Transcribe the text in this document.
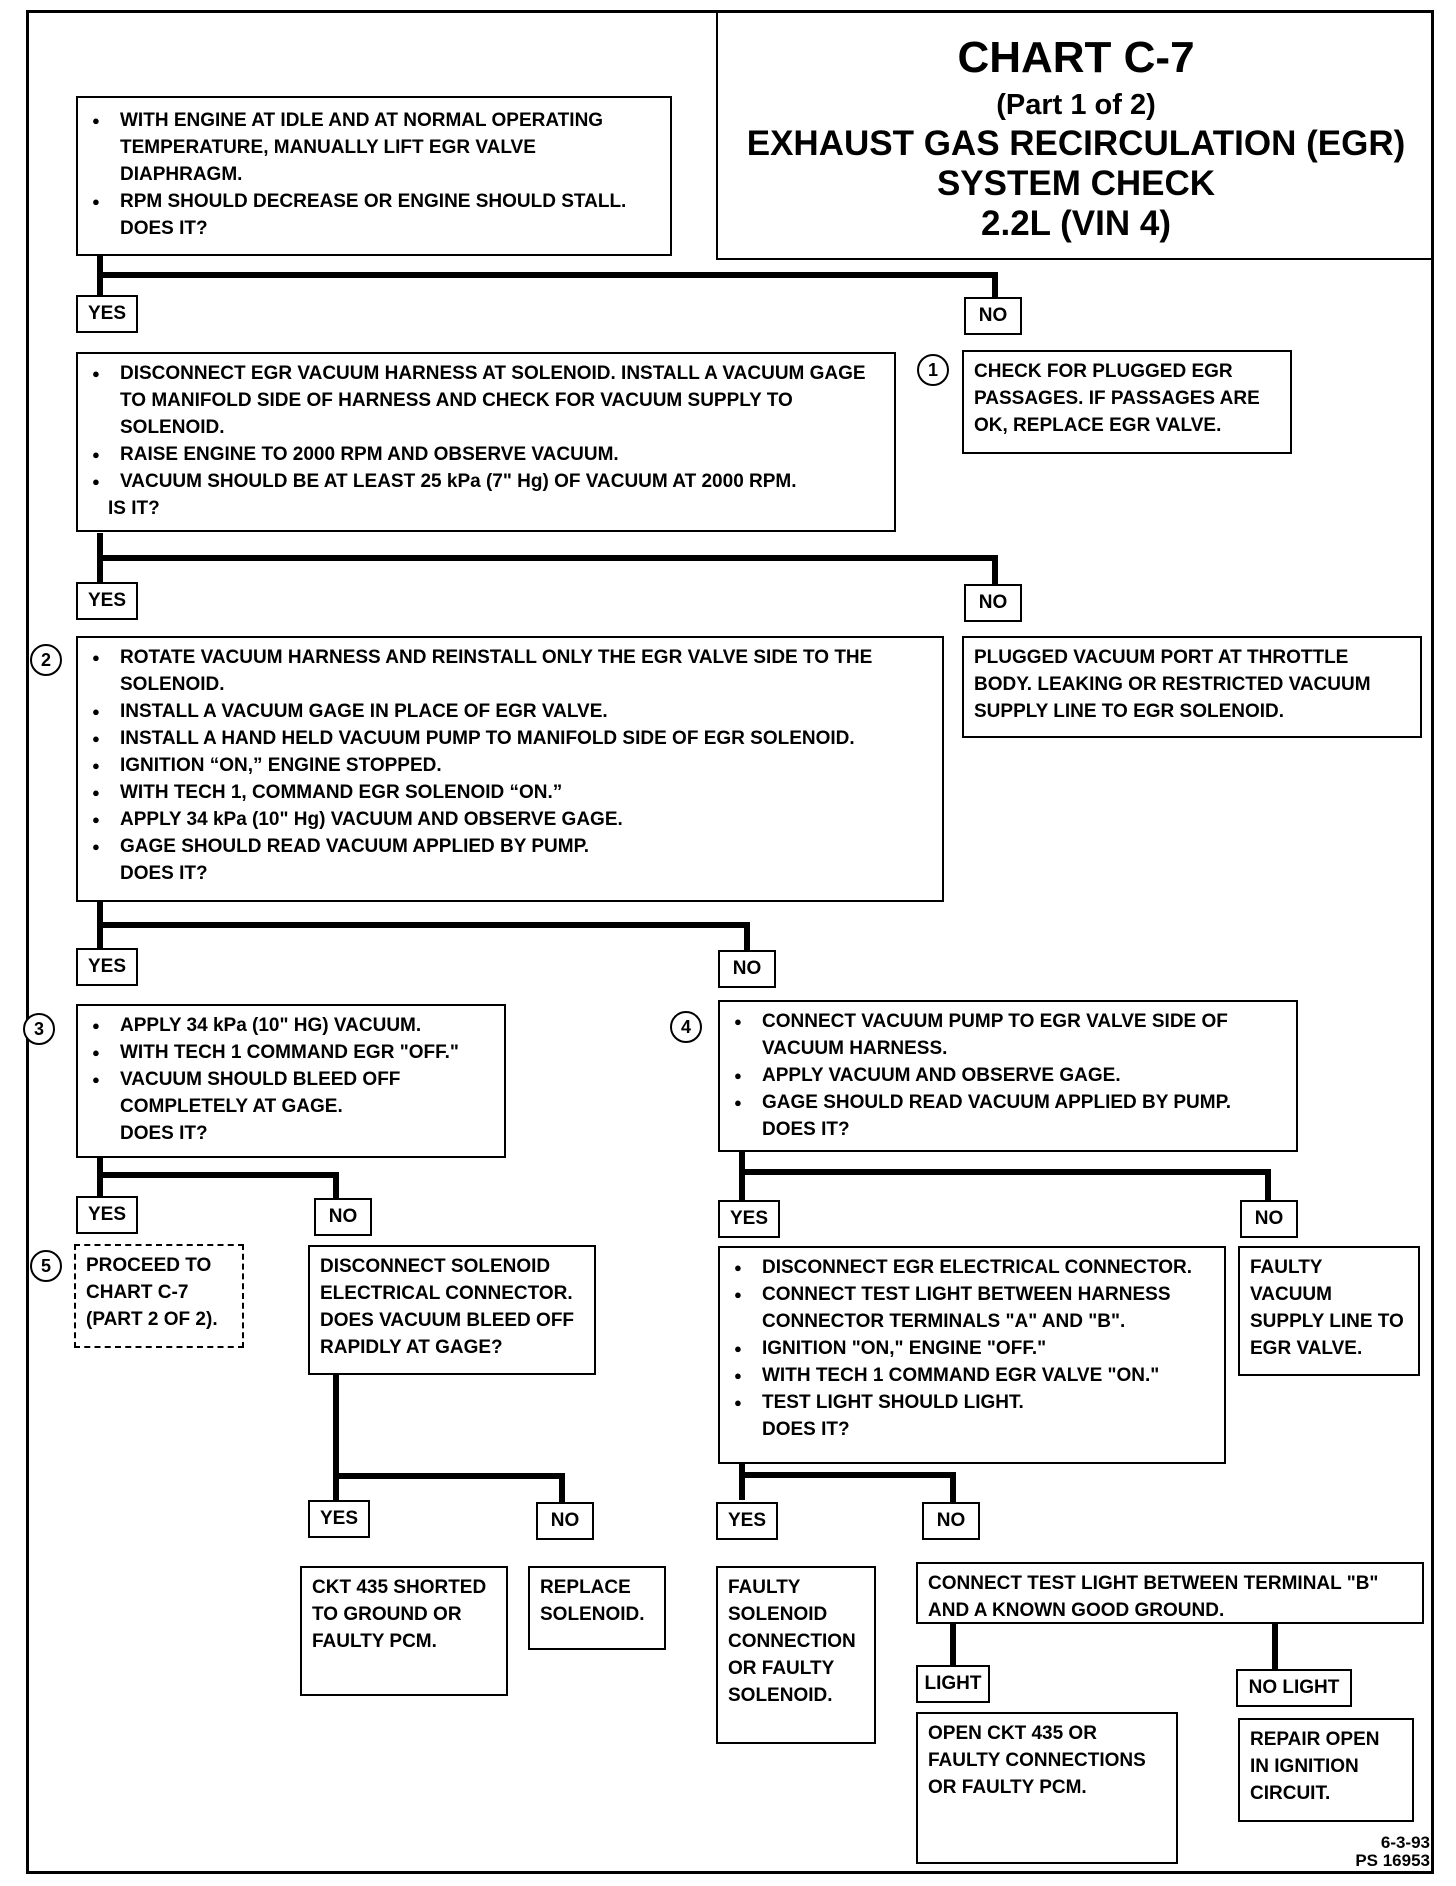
CHART C-7
(Part 1 of 2)
EXHAUST GAS RECIRCULATION (EGR)
SYSTEM CHECK
2.2L (VIN 4)
● WITH ENGINE AT IDLE AND AT NORMAL OPERATING TEMPERATURE, MANUALLY LIFT EGR VALVE DIAPHRAGM.
● RPM SHOULD DECREASE OR ENGINE SHOULD STALL.
DOES IT?
YES	NO
1	CHECK FOR PLUGGED EGR PASSAGES. IF PASSAGES ARE OK, REPLACE EGR VALVE.

● DISCONNECT EGR VACUUM HARNESS AT SOLENOID. INSTALL A VACUUM GAGE TO MANIFOLD SIDE OF HARNESS AND CHECK FOR VACUUM SUPPLY TO SOLENOID.
● RAISE ENGINE TO 2000 RPM AND OBSERVE VACUUM.
● VACUUM SHOULD BE AT LEAST 25 kPa (7" Hg) OF VACUUM AT 2000 RPM.
IS IT?
YES	NO

PLUGGED VACUUM PORT AT THROTTLE BODY. LEAKING OR RESTRICTED VACUUM SUPPLY LINE TO EGR SOLENOID.

2	● ROTATE VACUUM HARNESS AND REINSTALL ONLY THE EGR VALVE SIDE TO THE SOLENOID.
● INSTALL A VACUUM GAGE IN PLACE OF EGR VALVE.
● INSTALL A HAND HELD VACUUM PUMP TO MANIFOLD SIDE OF EGR SOLENOID.
● IGNITION “ON,” ENGINE STOPPED.
● WITH TECH 1, COMMAND EGR SOLENOID “ON.”
● APPLY 34 kPa (10" Hg) VACUUM AND OBSERVE GAGE.
● GAGE SHOULD READ VACUUM APPLIED BY PUMP.
DOES IT?
YES	NO
3	● APPLY 34 kPa (10" HG) VACUUM.
● WITH TECH 1 COMMAND EGR "OFF."
● VACUUM SHOULD BLEED OFF COMPLETELY AT GAGE.
DOES IT?
4	● CONNECT VACUUM PUMP TO EGR VALVE SIDE OF VACUUM HARNESS.
● APPLY VACUUM AND OBSERVE GAGE.
● GAGE SHOULD READ VACUUM APPLIED BY PUMP.
DOES IT?
YES	NO	YES	NO
5	PROCEED TO CHART C-7 (PART 2 OF 2).

DISCONNECT SOLENOID ELECTRICAL CONNECTOR. DOES VACUUM BLEED OFF RAPIDLY AT GAGE?

● DISCONNECT EGR ELECTRICAL CONNECTOR.
● CONNECT TEST LIGHT BETWEEN HARNESS CONNECTOR TERMINALS "A" AND "B".
● IGNITION "ON," ENGINE "OFF."
● WITH TECH 1 COMMAND EGR VALVE "ON."
● TEST LIGHT SHOULD LIGHT.
DOES IT?

FAULTY VACUUM SUPPLY LINE TO EGR VALVE.

YES	NO	YES	NO

CKT 435 SHORTED TO GROUND OR FAULTY PCM.

REPLACE SOLENOID.

FAULTY SOLENOID CONNECTION OR FAULTY SOLENOID.

CONNECT TEST LIGHT BETWEEN TERMINAL "B" AND A KNOWN GOOD GROUND.

LIGHT	NO LIGHT

OPEN CKT 435 OR FAULTY CONNECTIONS OR FAULTY PCM.

REPAIR OPEN IN IGNITION CIRCUIT.

6-3-93
PS 16953
